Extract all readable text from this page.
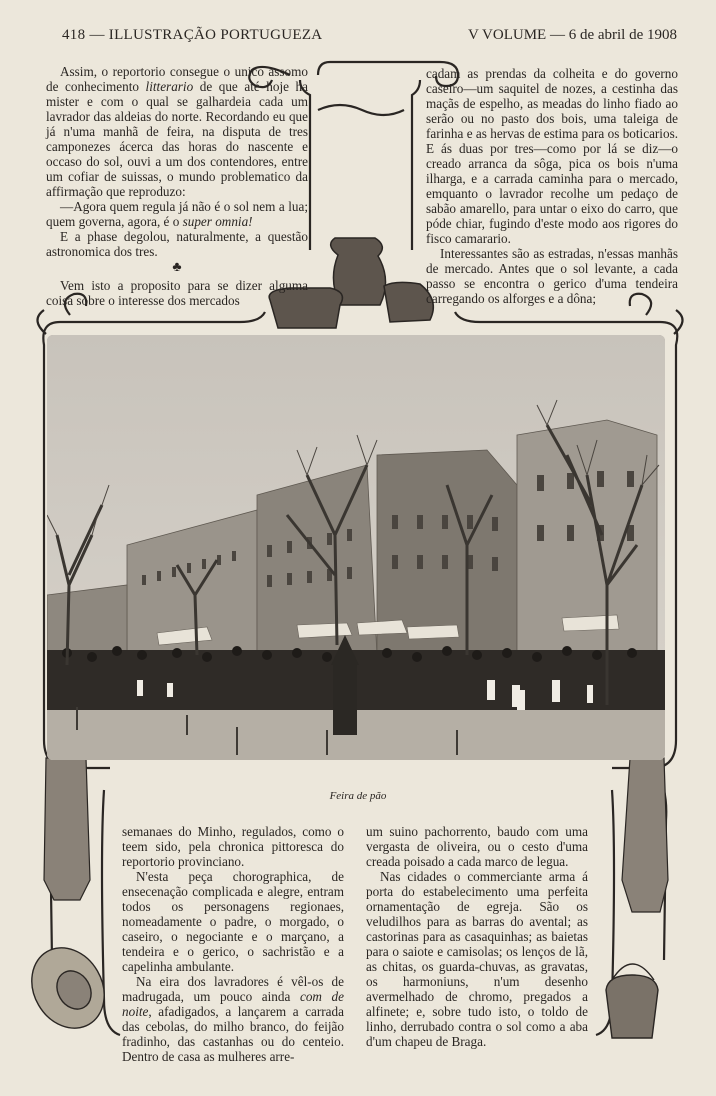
418 — ILLUSTRAÇÃO PORTUGUEZA	V VOLUME — 6 de abril de 1908

Assim, o reportorio consegue o unico assomo de conhecimento litterario de que até hoje ha mister e com o qual se galhardeia cada um lavrador das aldeias do norte. Recordando eu que já n'uma manhã de feira, na disputa de tres camponezes ácerca das horas do nascente e occaso do sol, ouvi a um dos contendores, entre um cofiar de suissas, o mundo problematico da affirmação que reproduzo:

—Agora quem regula já não é o sol nem a lua; quem governa, agora, é o super omnia!

E a phase degolou, naturalmente, a questão astronomica dos tres.

♣

Vem isto a proposito para se dizer alguma coisa sobre o interesse dos mercados

cadam as prendas da colheita e do governo caseiro—um saquitel de nozes, a cestinha das maçãs de espelho, as meadas do linho fiado ao serão ou no pasto dos bois, uma taleiga de farinha e as hervas de estima para os boticarios. E ás duas por tres—como por lá se diz—o creado arranca da sôga, pica os bois n'uma ilharga, e a carrada caminha para o mercado, emquanto o lavrador recolhe um pedaço de sabão amarello, para untar o eixo do carro, que póde chiar, fugindo d'este modo aos rigores do fisco camarario.

Interessantes são as estradas, n'essas manhãs de mercado. Antes que o sol levante, a cada passo se encontra o gerico d'uma tendeira carregando os alforges e a dôna;

Feira de pão

semanaes do Minho, regulados, como o teem sido, pela chronica pittoresca do reportorio provinciano.

N'esta peça chorographica, de ensecenação complicada e alegre, entram todos os personagens regionaes, nomeadamente o padre, o morgado, o caseiro, o negociante e o marçano, a tendeira e o gerico, o sachristão e a capelinha ambulante.

Na eira dos lavradores é vêl-os de madrugada, um pouco ainda com de noite, afadigados, a lançarem a carrada das cebolas, do milho branco, do feijão fradinho, das castanhas ou do centeio. Dentro de casa as mulheres arre-

um suino pachorrento, baudo com uma vergasta de oliveira, ou o cesto d'uma creada poisado a cada marco de legua.

Nas cidades o commerciante arma á porta do estabelecimento uma perfeita ornamentação de egreja. São os veludilhos para as barras do avental; as castorinas para as casaquinhas; as baietas para o saiote e camisolas; os lenços de lã, as chitas, os guarda-chuvas, as gravatas, os harmoniuns, n'um desenho avermelhado de chromo, pregados a alfinete; e, sobre tudo isto, o toldo de linho, derrubado contra o sol como a aba d'um chapeu de Braga.
